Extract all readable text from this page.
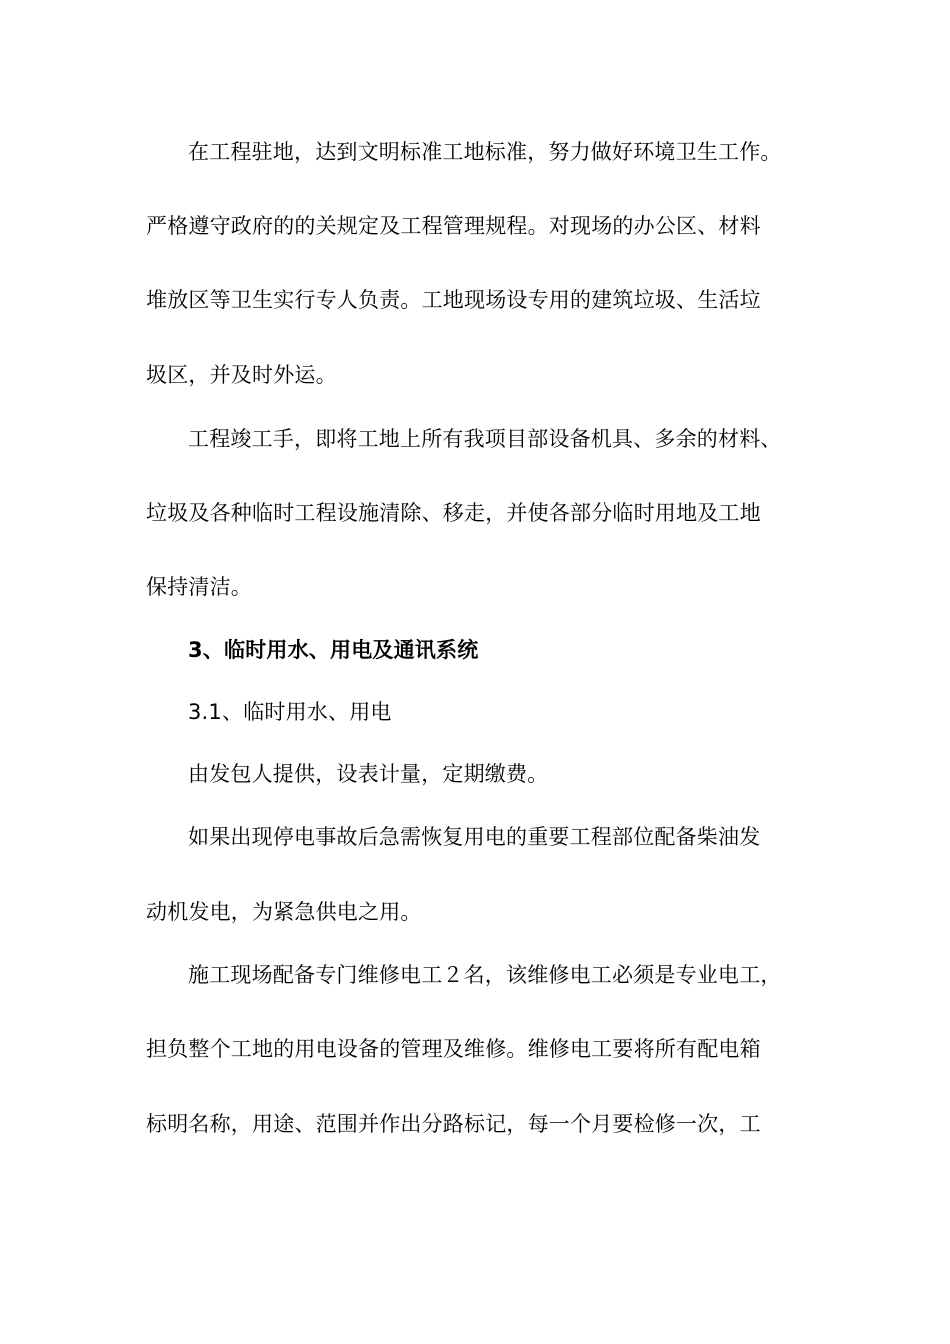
在工程驻地，达到文明标准工地标准，努力做好环境卫生工作。
严格遵守政府的的关规定及工程管理规程。对现场的办公区、材料
堆放区等卫生实行专人负责。工地现场设专用的建筑垃圾、生活垃
圾区，并及时外运。
工程竣工手，即将工地上所有我项目部设备机具、多余的材料、
垃圾及各种临时工程设施清除、移走，并使各部分临时用地及工地
保持清洁。
3、临时用水、用电及通讯系统
3.1、临时用水、用电
由发包人提供，设表计量，定期缴费。
如果出现停电事故后急需恢复用电的重要工程部位配备柴油发
动机发电，为紧急供电之用。
施工现场配备专门维修电工２名，该维修电工必须是专业电工，
担负整个工地的用电设备的管理及维修。维修电工要将所有配电箱
标明名称，用途、范围并作出分路标记，每一个月要检修一次，工
